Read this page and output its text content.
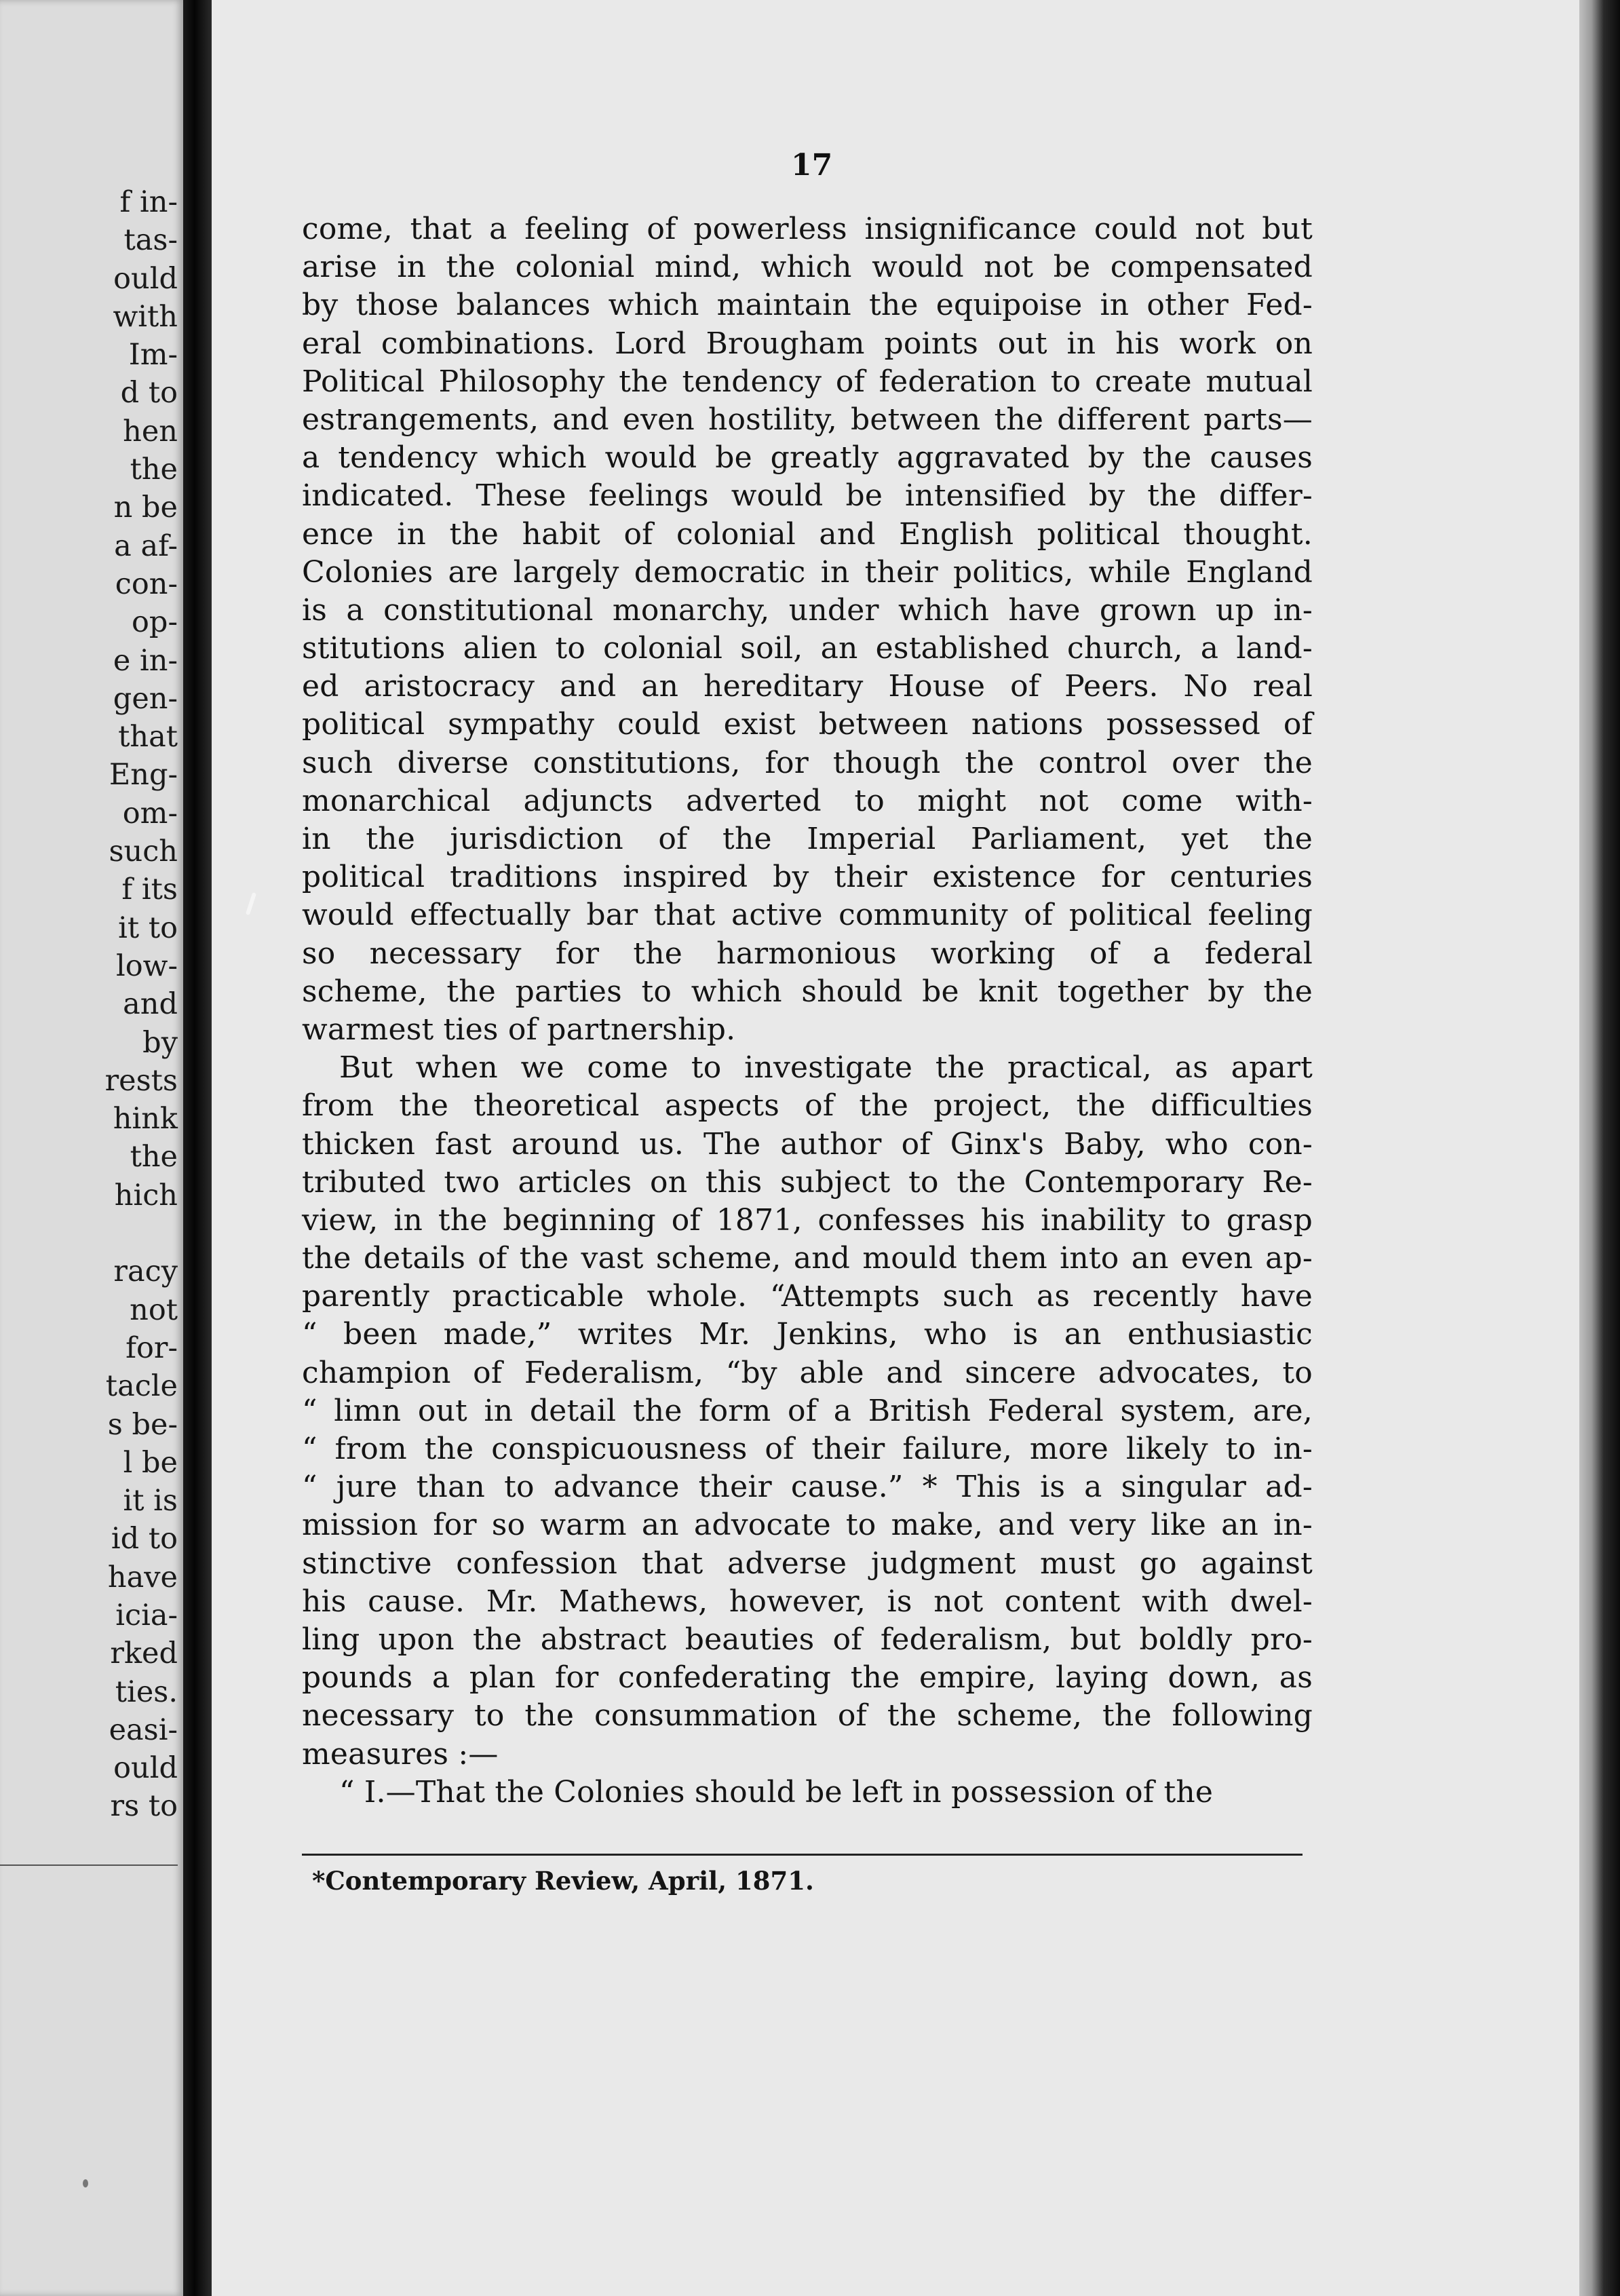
f in-
tas-
ould
with
Im-
d to
hen
the
n be
a af-
con-
op-
e in-
gen-
that
Eng-
om-
such
f its
it to
low-
and
by
rests
hink
the
hich
racy
not
for-
tacle
s be-
l be
it is
id to
have
icia-
rked
ties.
easi-
ould
rs to
17
come, that a feeling of powerless insignificance could not but
arise in the colonial mind, which would not be compensated
by those balances which maintain the equipoise in other Fed-
eral combinations. Lord Brougham points out in his work on
Political Philosophy the tendency of federation to create mutual
estrangements, and even hostility, between the different parts—
a tendency which would be greatly aggravated by the causes
indicated. These feelings would be intensified by the differ-
ence in the habit of colonial and English political thought.
Colonies are largely democratic in their politics, while England
is a constitutional monarchy, under which have grown up in-
stitutions alien to colonial soil, an established church, a land-
ed aristocracy and an hereditary House of Peers. No real
political sympathy could exist between nations possessed of
such diverse constitutions, for though the control over the
monarchical adjuncts adverted to might not come with-
in the jurisdiction of the Imperial Parliament, yet the
political traditions inspired by their existence for centuries
would effectually bar that active community of political feeling
so necessary for the harmonious working of a federal
scheme, the parties to which should be knit together by the
warmest ties of partnership.
But when we come to investigate the practical, as apart
from the theoretical aspects of the project, the difficulties
thicken fast around us. The author of Ginx's Baby, who con-
tributed two articles on this subject to the Contemporary Re-
view, in the beginning of 1871, confesses his inability to grasp
the details of the vast scheme, and mould them into an even ap-
parently practicable whole. “Attempts such as recently have
“ been made,” writes Mr. Jenkins, who is an enthusiastic
champion of Federalism, “by able and sincere advocates, to
“ limn out in detail the form of a British Federal system, are,
“ from the conspicuousness of their failure, more likely to in-
“ jure than to advance their cause.” * This is a singular ad-
mission for so warm an advocate to make, and very like an in-
stinctive confession that adverse judgment must go against
his cause. Mr. Mathews, however, is not content with dwel-
ling upon the abstract beauties of federalism, but boldly pro-
pounds a plan for confederating the empire, laying down, as
necessary to the consummation of the scheme, the following
measures :—
“ I.—That the Colonies should be left in possession of the
*Contemporary Review, April, 1871.
